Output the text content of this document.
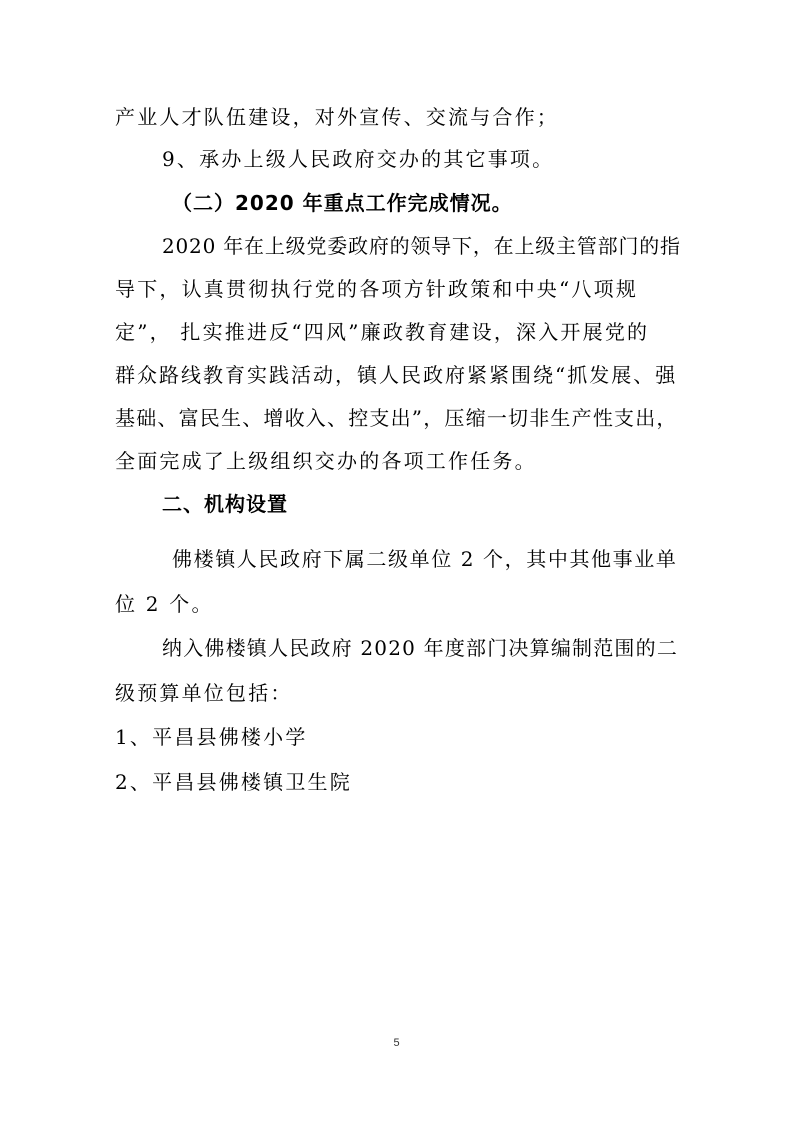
产业人才队伍建设，对外宣传、交流与合作；
9、承办上级人民政府交办的其它事项。
（二）2020 年重点工作完成情况。
2020 年在上级党委政府的领导下，在上级主管部门的指
导下，认真贯彻执行党的各项方针政策和中央“八项规
定”， 扎实推进反“四风”廉政教育建设，深入开展党的
群众路线教育实践活动，镇人民政府紧紧围绕“抓发展、强
基础、富民生、增收入、控支出”，压缩一切非生产性支出，
全面完成了上级组织交办的各项工作任务。
二、机构设置
佛楼镇人民政府下属二级单位 2 个，其中其他事业单
位 2 个。
纳入佛楼镇人民政府 2020 年度部门决算编制范围的二
级预算单位包括：
1、平昌县佛楼小学
2、平昌县佛楼镇卫生院
5
